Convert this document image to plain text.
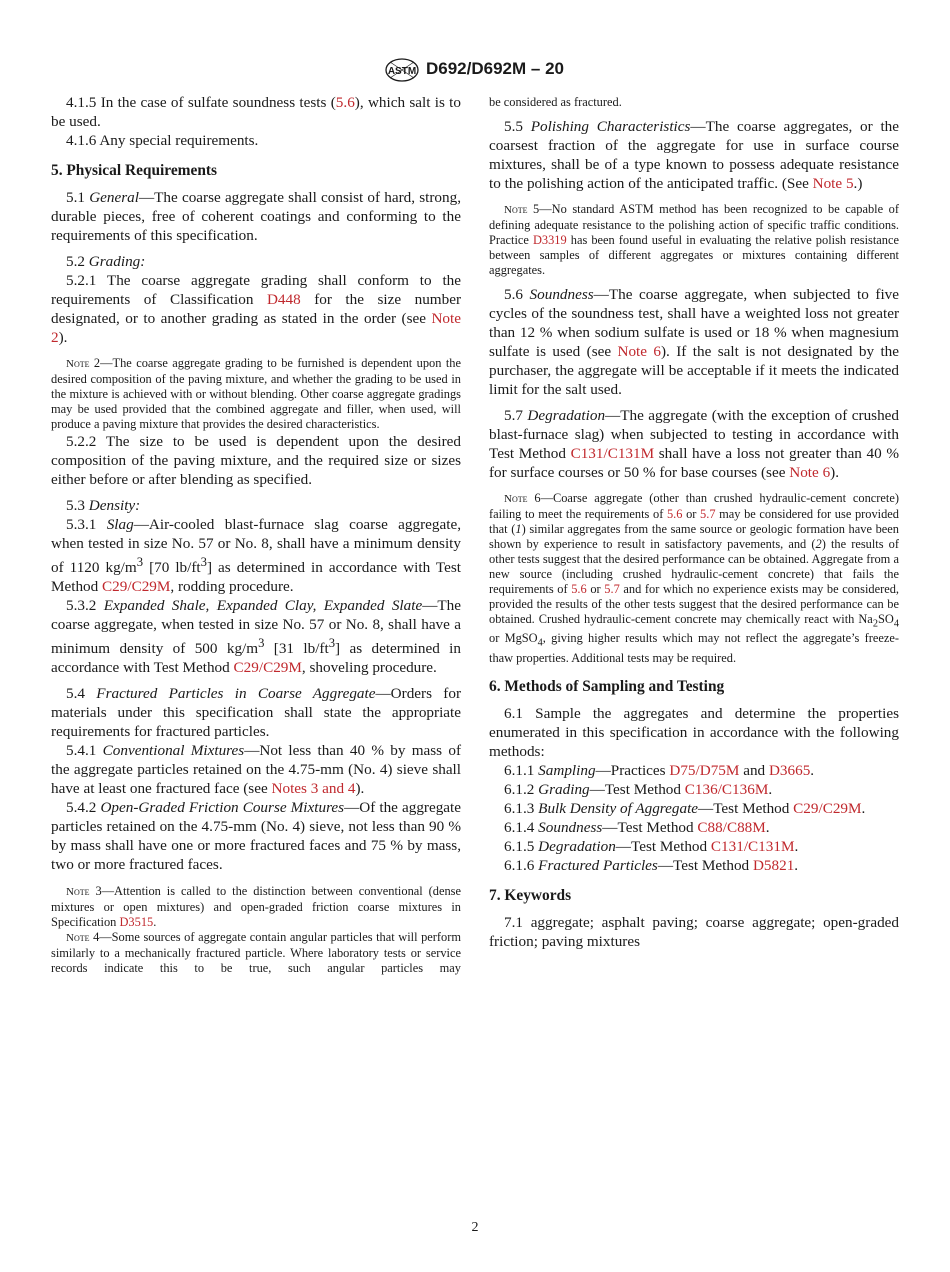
ASTM D692/D692M – 20

4.1.5 In the case of sulfate soundness tests (5.6), which salt is to be used.

4.1.6 Any special requirements.

5. Physical Requirements

5.1 General—The coarse aggregate shall consist of hard, strong, durable pieces, free of coherent coatings and conforming to the requirements of this specification.

5.2 Grading:

5.2.1 The coarse aggregate grading shall conform to the requirements of Classification D448 for the size number designated, or to another grading as stated in the order (see Note 2).

Note 2—The coarse aggregate grading to be furnished is dependent upon the desired composition of the paving mixture, and whether the grading to be used in the mixture is achieved with or without blending. Other coarse aggregate gradings may be used provided that the combined aggregate and filler, when used, will produce a paving mixture that provides the desired characteristics.

5.2.2 The size to be used is dependent upon the desired composition of the paving mixture, and the required size or sizes either before or after blending as specified.

5.3 Density:

5.3.1 Slag—Air-cooled blast-furnace slag coarse aggregate, when tested in size No. 57 or No. 8, shall have a minimum density of 1120 $kg/m^3$ [70 $lb/ft^3$] as determined in accordance with Test Method C29/C29M, rodding procedure.

5.3.2 Expanded Shale, Expanded Clay, Expanded Slate—The coarse aggregate, when tested in size No. 57 or No. 8, shall have a minimum density of 500 $kg/m^3$ [31 $lb/ft^3$] as determined in accordance with Test Method C29/C29M, shoveling procedure.

5.4 Fractured Particles in Coarse Aggregate—Orders for materials under this specification shall state the appropriate requirements for fractured particles.

5.4.1 Conventional Mixtures—Not less than 40 % by mass of the aggregate particles retained on the 4.75-mm (No. 4) sieve shall have at least one fractured face (see Notes 3 and 4).

5.4.2 Open-Graded Friction Course Mixtures—Of the aggregate particles retained on the 4.75-mm (No. 4) sieve, not less than 90 % by mass shall have one or more fractured faces and 75 % by mass, two or more fractured faces.

Note 3—Attention is called to the distinction between conventional (dense mixtures or open mixtures) and open-graded friction coarse mixtures in Specification D3515.

Note 4—Some sources of aggregate contain angular particles that will perform similarly to a mechanically fractured particle. Where laboratory tests or service records indicate this to be true, such angular particles may

be considered as fractured.

5.5 Polishing Characteristics—The coarse aggregates, or the coarsest fraction of the aggregate for use in surface course mixtures, shall be of a type known to possess adequate resistance to the polishing action of the anticipated traffic. (See Note 5.)

Note 5—No standard ASTM method has been recognized to be capable of defining adequate resistance to the polishing action of specific traffic conditions. Practice D3319 has been found useful in evaluating the relative polish resistance between samples of different aggregates or mixtures containing different aggregates.

5.6 Soundness—The coarse aggregate, when subjected to five cycles of the soundness test, shall have a weighted loss not greater than 12 % when sodium sulfate is used or 18 % when magnesium sulfate is used (see Note 6). If the salt is not designated by the purchaser, the aggregate will be acceptable if it meets the indicated limit for the salt used.

5.7 Degradation—The aggregate (with the exception of crushed blast-furnace slag) when subjected to testing in accordance with Test Method C131/C131M shall have a loss not greater than 40 % for surface courses or 50 % for base courses (see Note 6).

Note 6—Coarse aggregate (other than crushed hydraulic-cement concrete) failing to meet the requirements of 5.6 or 5.7 may be considered for use provided that (1) similar aggregates from the same source or geologic formation have been shown by experience to result in satisfactory pavements, and (2) the results of other tests suggest that the desired performance can be obtained. Aggregate from a new source (including crushed hydraulic-cement concrete) that fails the requirements of 5.6 or 5.7 and for which no experience exists may be considered, provided the results of the other tests suggest that the desired performance can be obtained. Crushed hydraulic-cement concrete may chemically react with $Na_2SO_4$ or MgSO$_4$, giving higher results which may not reflect the aggregate’s freeze-thaw properties. Additional tests may be required.

6. Methods of Sampling and Testing

6.1 Sample the aggregates and determine the properties enumerated in this specification in accordance with the following methods:

6.1.1 Sampling—Practices D75/D75M and D3665.

6.1.2 Grading—Test Method C136/C136M.

6.1.3 Bulk Density of Aggregate—Test Method C29/C29M.

6.1.4 Soundness—Test Method C88/C88M.

6.1.5 Degradation—Test Method C131/C131M.

6.1.6 Fractured Particles—Test Method D5821.

7. Keywords

7.1 aggregate; asphalt paving; coarse aggregate; open-graded friction; paving mixtures

2
